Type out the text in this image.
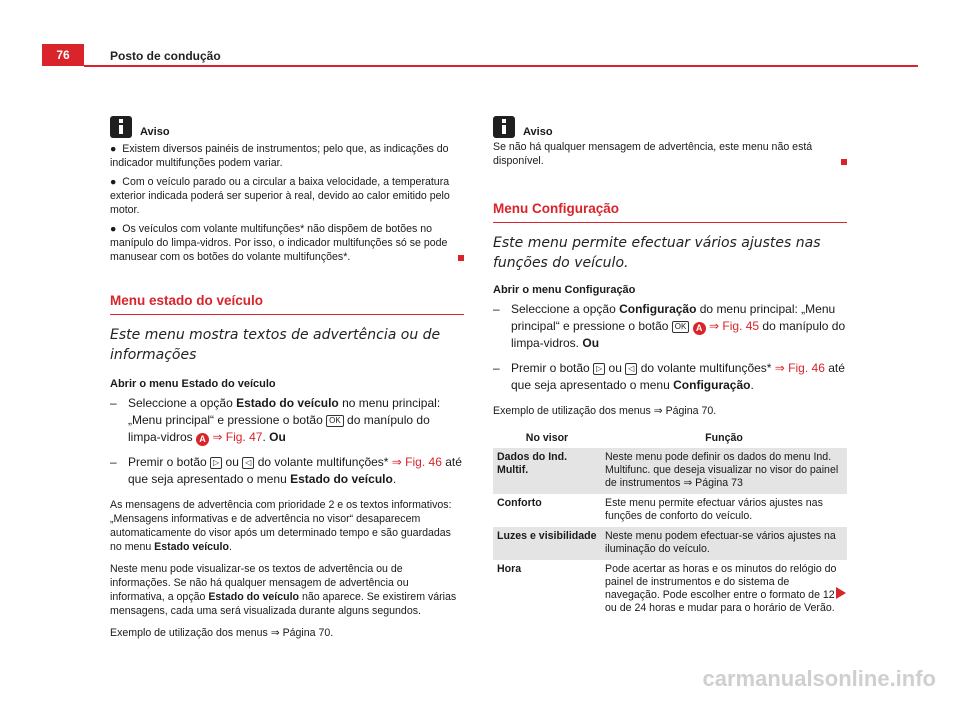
76	Posto de condução
Aviso

●  Existem diversos painéis de instrumentos; pelo que, as indicações do indicador multifunções podem variar.

●  Com o veículo parado ou a circular a baixa velocidade, a temperatura exterior indicada poderá ser superior à real, devido ao calor emitido pelo motor.

●  Os veículos com volante multifunções* não dispõem de botões no manípulo do limpa-vidros. Por isso, o indicador multifunções só se pode manusear com os botões do volante multifunções*.

Menu estado do veículo
Este menu mostra textos de advertência ou de informações
Abrir o menu Estado do veículo
– Seleccione a opção Estado do veículo no menu principal: „Menu principal“ e pressione o botão OK do manípulo do limpa-vidros A ⇒ Fig. 47. Ou
– Premir o botão ▷ ou ◁ do volante multifunções* ⇒ Fig. 46 até que seja apresentado o menu Estado do veículo.

As mensagens de advertência com prioridade 2 e os textos informativos: „Mensagens informativas e de advertência no visor“ desaparecem automaticamente do visor após um determinado tempo e são guardadas no menu Estado veículo.

Neste menu pode visualizar-se os textos de advertência ou de informações. Se não há qualquer mensagem de advertência ou informativa, a opção Estado do veículo não aparece. Se existirem várias mensagens, cada uma será visualizada durante alguns segundos.

Exemplo de utilização dos menus ⇒ Página 70.

Aviso

Se não há qualquer mensagem de advertência, este menu não está disponível.

Menu Configuração
Este menu permite efectuar vários ajustes nas funções do veículo.
Abrir o menu Configuração
– Seleccione a opção Configuração do menu principal: „Menu principal“ e pressione o botão OK A ⇒ Fig. 45 do manípulo do limpa-vidros. Ou
– Premir o botão ▷ ou ◁ do volante multifunções* ⇒ Fig. 46 até que seja apresentado o menu Configuração.

Exemplo de utilização dos menus ⇒ Página 70.

No visor	Função
Dados do Ind. Multif.	Neste menu pode definir os dados do menu Ind. Multifunc. que deseja visualizar no visor do painel de instrumentos ⇒ Página 73
Conforto	Este menu permite efectuar vários ajustes nas funções de conforto do veículo.
Luzes e visibilidade	Neste menu podem efectuar-se vários ajustes na iluminação do veículo.
Hora	Pode acertar as horas e os minutos do relógio do painel de instrumentos e do sistema de navegação. Pode escolher entre o formato de 12 ou de 24 horas e mudar para o horário de Verão.
carmanualsonline.info
